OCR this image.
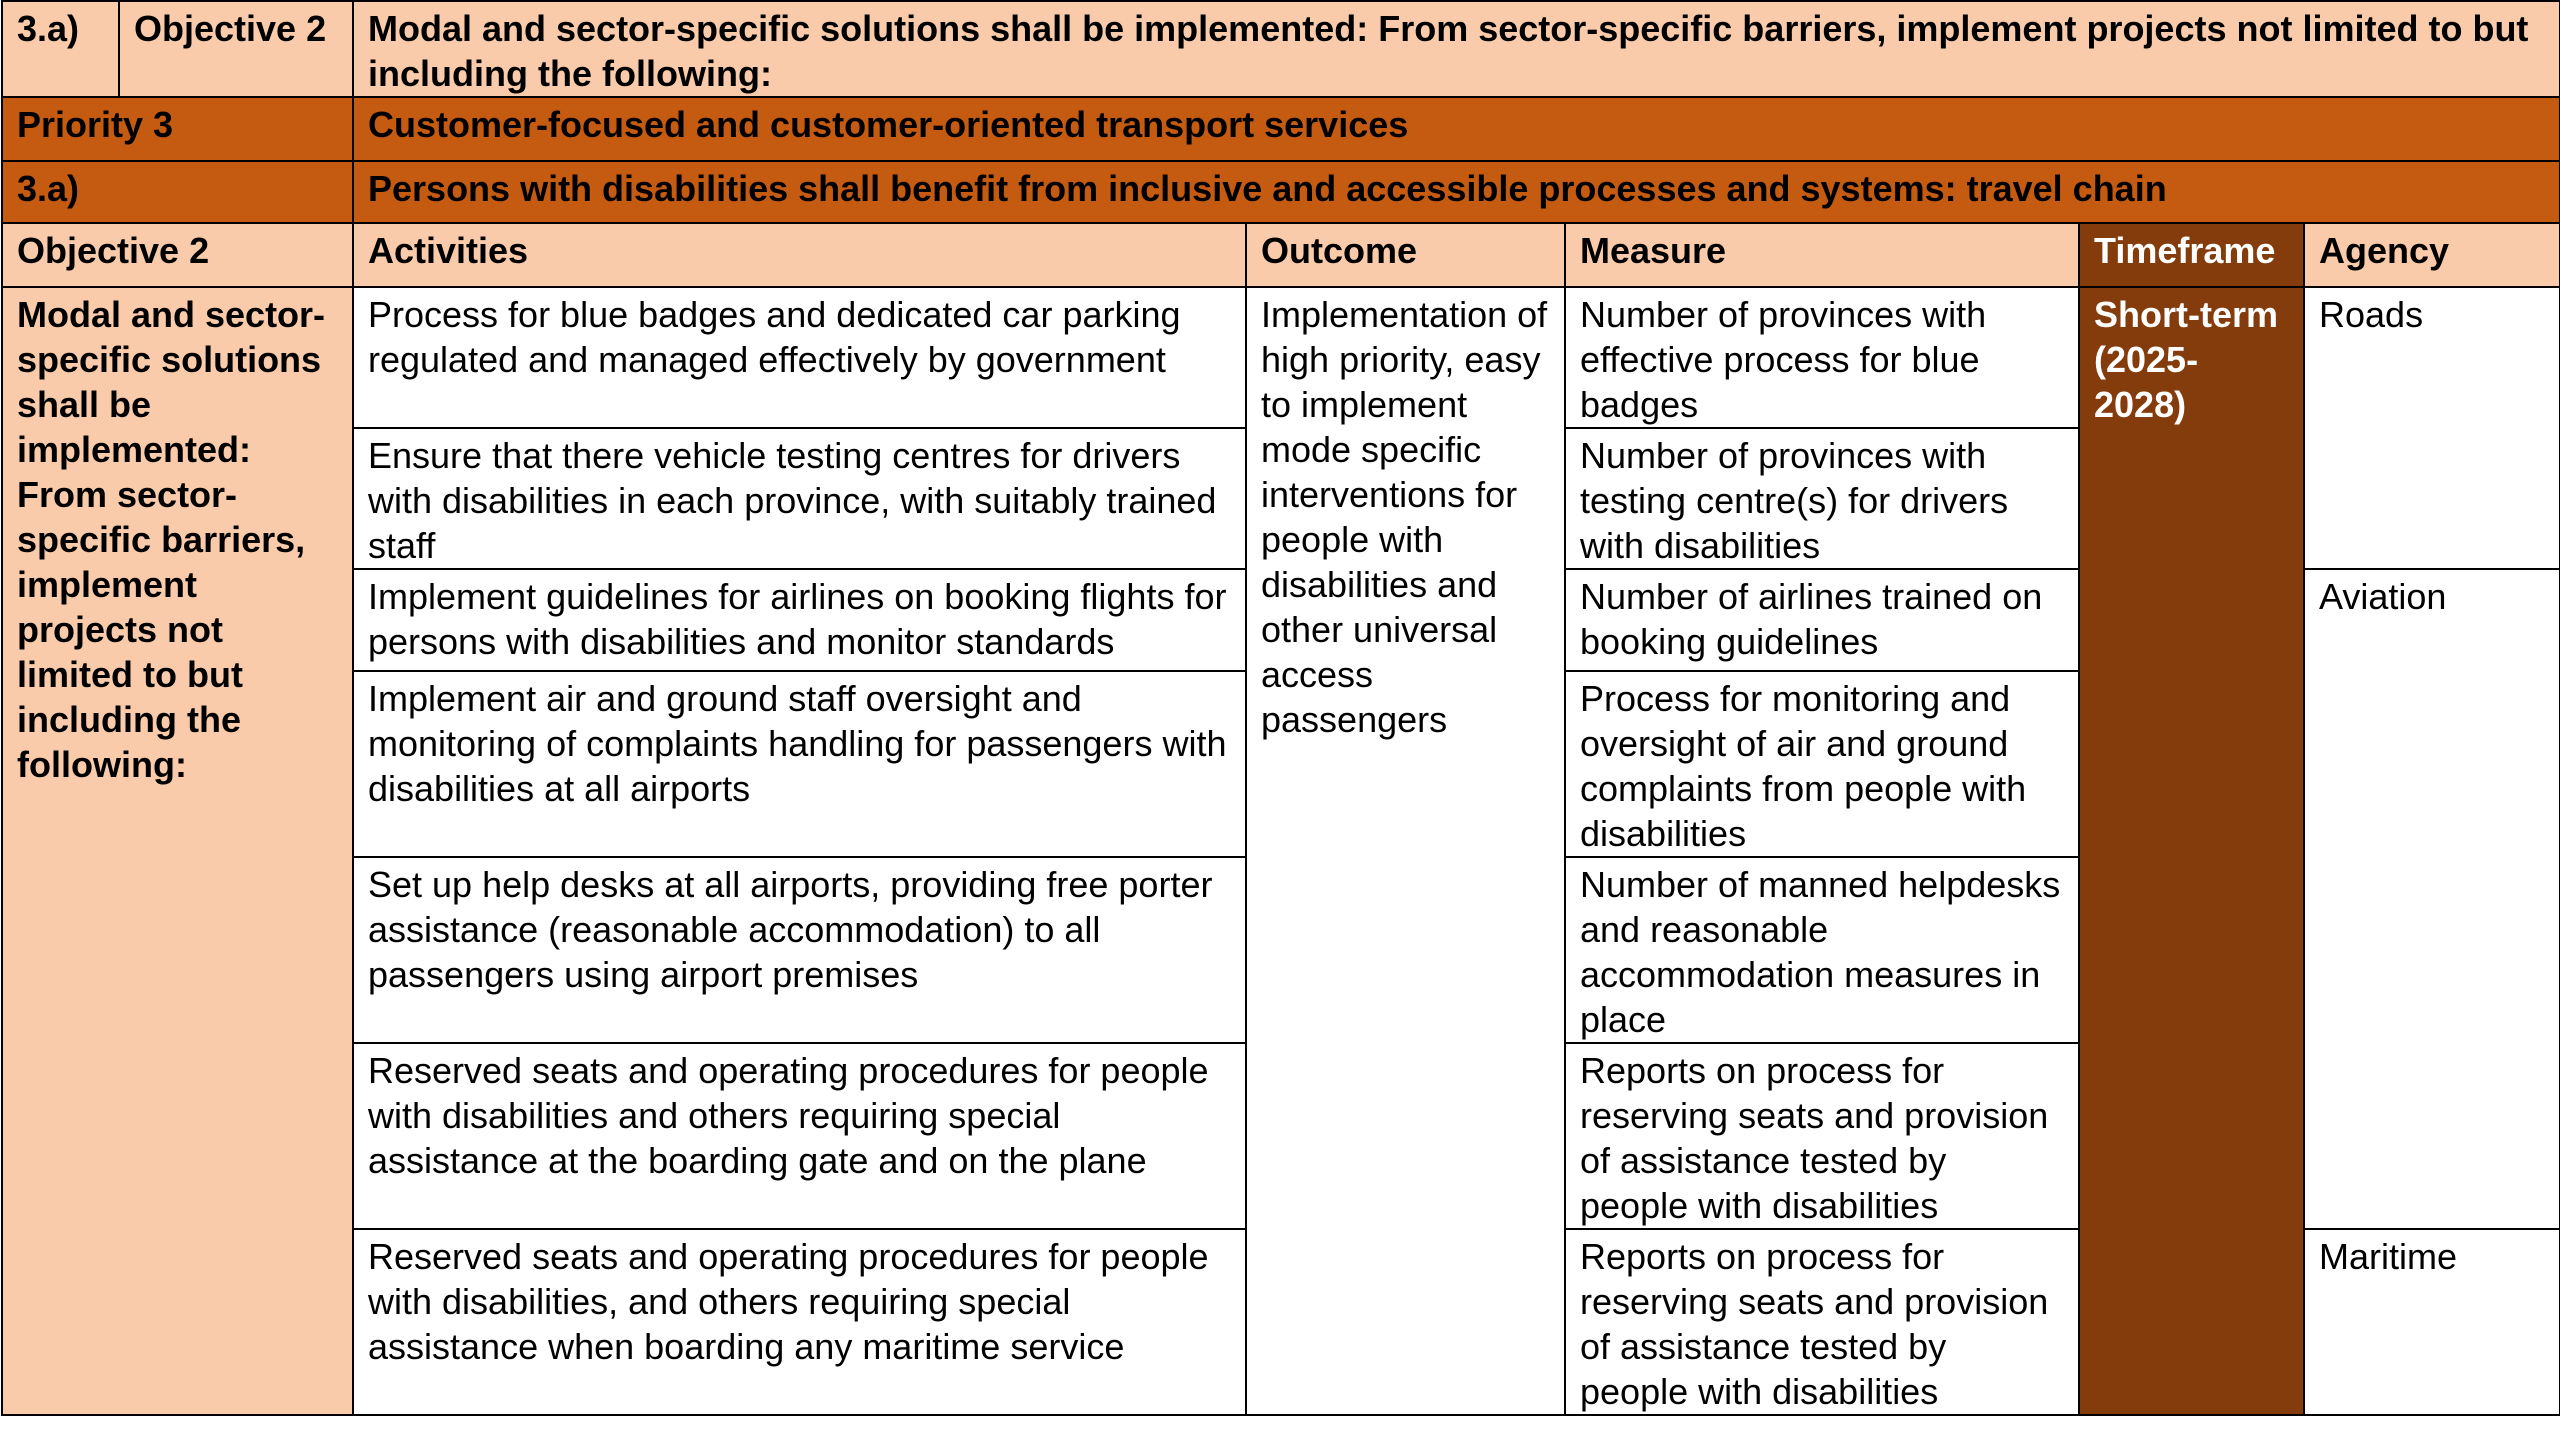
3.a)	Objective 2	Modal and sector-specific solutions shall be implemented: From sector-specific barriers, implement projects not limited to but including the following:				
Priority 3		Customer-focused and customer-oriented transport services				
3.a)		Persons with disabilities shall benefit from inclusive and accessible processes and systems: travel chain				
Objective 2		Activities	Outcome	Measure	Timeframe	Agency
Modal and sector-specific solutions shall be implemented: From sector-specific barriers, implement projects not limited to but including the following:		Process for blue badges and dedicated car parking regulated and managed effectively by government	Implementation of high priority, easy to implement mode specific interventions for people with disabilities and other universal access passengers	Number of provinces with effective process for blue badges	Short-term (2025-2028)	Roads
		Ensure that there vehicle testing centres for drivers with disabilities in each province, with suitably trained staff		Number of provinces with testing centre(s) for drivers with disabilities		
		Implement guidelines for airlines on booking flights for persons with disabilities and monitor standards		Number of airlines trained on booking guidelines		Aviation
		Implement air and ground staff oversight and monitoring of complaints handling for passengers with disabilities at all airports		Process for monitoring and oversight of air and ground complaints from people with disabilities		
		Set up help desks at all airports, providing free porter assistance (reasonable accommodation) to all passengers using airport premises		Number of manned helpdesks and reasonable accommodation measures in place		
		Reserved seats and operating procedures for people with disabilities and others requiring special assistance at the boarding gate and on the plane		Reports on process for reserving seats and provision of assistance tested by people with disabilities		
		Reserved seats and operating procedures for people with disabilities, and others requiring special assistance when boarding any maritime service		Reports on process for reserving seats and provision of assistance tested by people with disabilities		Maritime
